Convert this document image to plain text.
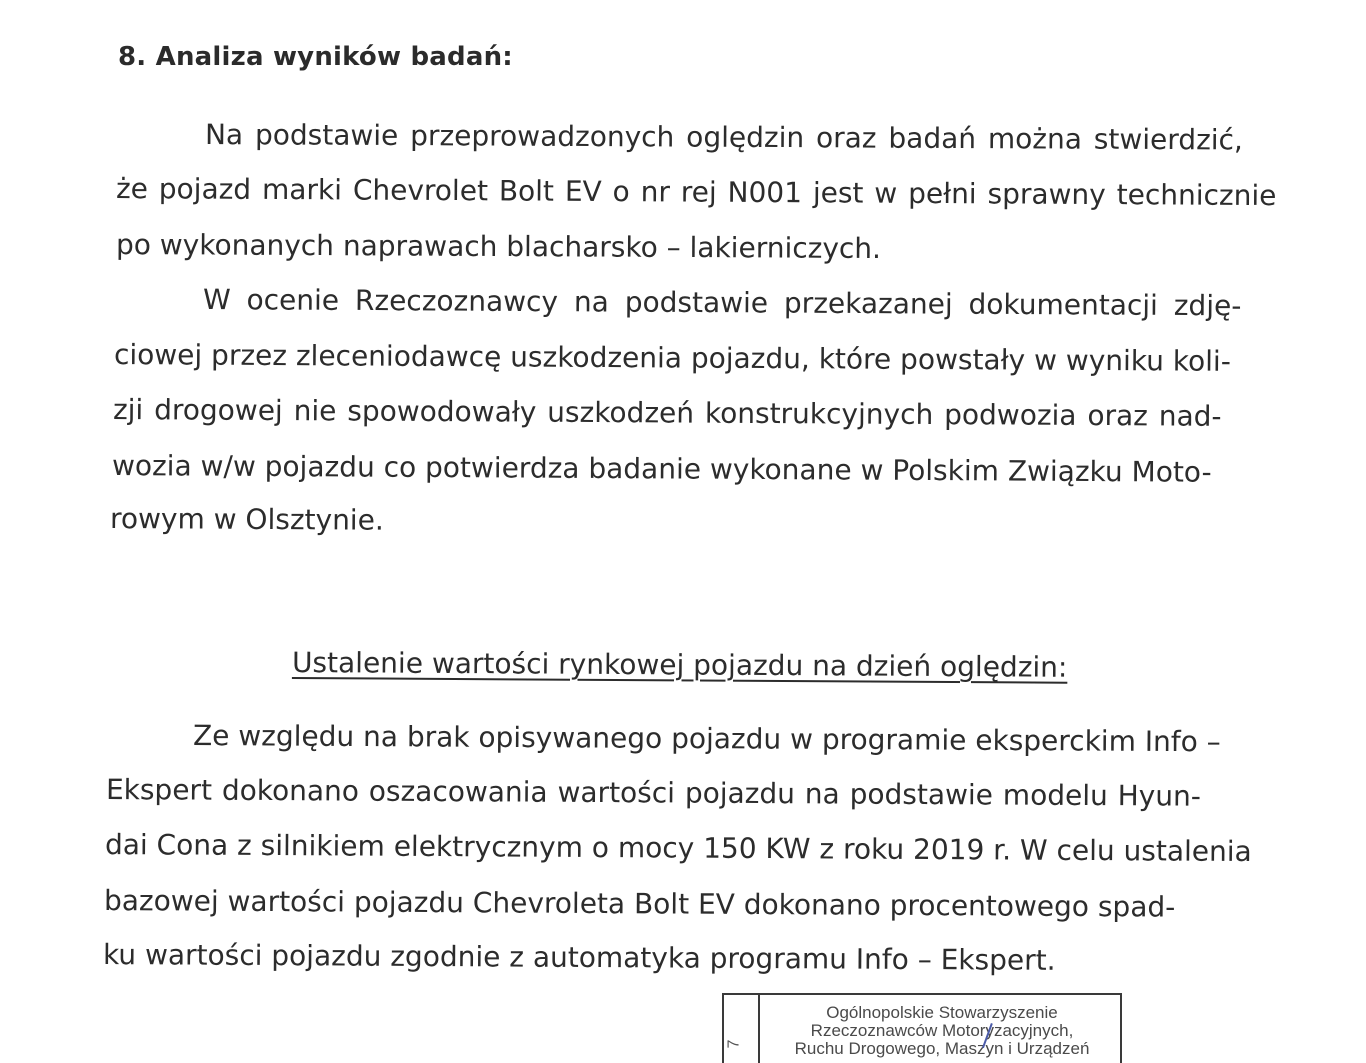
8. Analiza wyników badań:
Na podstawie przeprowadzonych oględzin oraz badań można stwierdzić,
że pojazd marki Chevrolet Bolt EV o nr rej N001 jest w pełni sprawny technicznie
po wykonanych naprawach blacharsko – lakierniczych.
W ocenie Rzeczoznawcy na podstawie przekazanej dokumentacji zdję-
ciowej przez zleceniodawcę uszkodzenia pojazdu, które powstały w wyniku koli-
zji drogowej nie spowodowały uszkodzeń konstrukcyjnych podwozia oraz nad-
wozia w/w pojazdu co potwierdza badanie wykonane w Polskim Związku Moto-
rowym w Olsztynie.
Ustalenie wartości rynkowej pojazdu na dzień oględzin:
Ze względu na brak opisywanego pojazdu w programie eksperckim Info –
Ekspert dokonano oszacowania wartości pojazdu na podstawie modelu Hyun-
dai Cona z silnikiem elektrycznym o mocy 150 KW z roku 2019 r. W celu ustalenia
bazowej wartości pojazdu Chevroleta Bolt EV dokonano procentowego spad-
ku wartości pojazdu zgodnie z automatyka programu Info – Ekspert.
7
Ogólnopolskie Stowarzyszenie
Rzeczoznawców Motoryzacyjnych,
Ruchu Drogowego, Maszyn i Urządzeń
